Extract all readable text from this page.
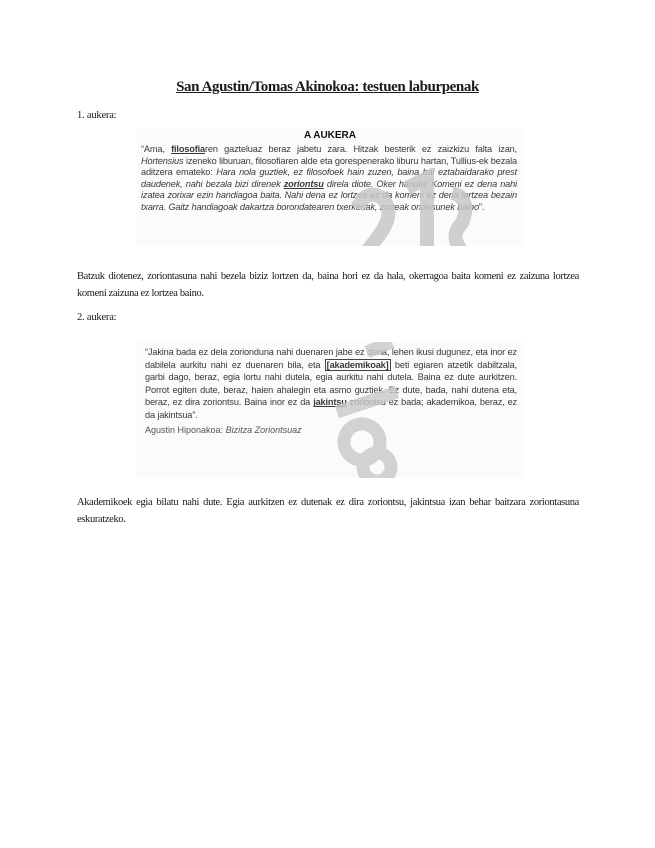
San Agustin/Tomas Akinokoa: testuen laburpenak
1. aukera:
A AUKERA

“Ama, filosofiaren gazteluaz beraz jabetu zara. Hitzak besterik ez zaizkizu falta izan, Hortensius izeneko liburuan, filosofiaren alde eta gorespenerako liburu hartan, Tullius-ek bezala aditzera emateko: Hara nola guztiek, ez filosofoek hain zuzen, baina bai eztabaidarako prest daudenek, nahi bezala bizi direnek zoriontsu direla diote. Oker handia! Komeni ez dena nahi izatea zorixar ezin handiagoa baita. Nahi dena ez lortzea ez da komeni ez dena lortzea bezain txarra. Gaitz handiagoak dakartza borondatearen txerkeriak, zorteak ondasunek baino”.

Batzuk diotenez, zoriontasuna nahi bezela biziz lortzen da, baina hori ez da hala, okerragoa baita komeni ez zaizuna lortzea komeni zaizuna ez lortzea baino.

2. aukera:

“Jakina bada ez dela zorionduna nahi duenaren jabe ez dena, lehen ikusi dugunez, eta inor ez dabilela aurkitu nahi ez duenaren bila, eta [akademikoak] beti egiaren atzetik dabiltzala, garbi dago, beraz, egia lortu nahi dutela, egia aurkitu nahi dutela. Baina ez dute aurkitzen. Porrot egiten dute, beraz, haien ahalegin eta asmo guztiek. Ez dute, bada, nahi dutena eta, beraz, ez dira zoriontsu. Baina inor ez da jakintsu zoriontsu ez bada; akademikoa, beraz, ez da jakintsua”.

Agustin Hiponakoa: Bizitza Zoriontsuaz

Akademikoek egia bilatu nahi dute. Egia aurkitzen ez dutenak ez dira zoriontsu, jakintsua izan behar baitzara zoriontasuna eskuratzeko.
